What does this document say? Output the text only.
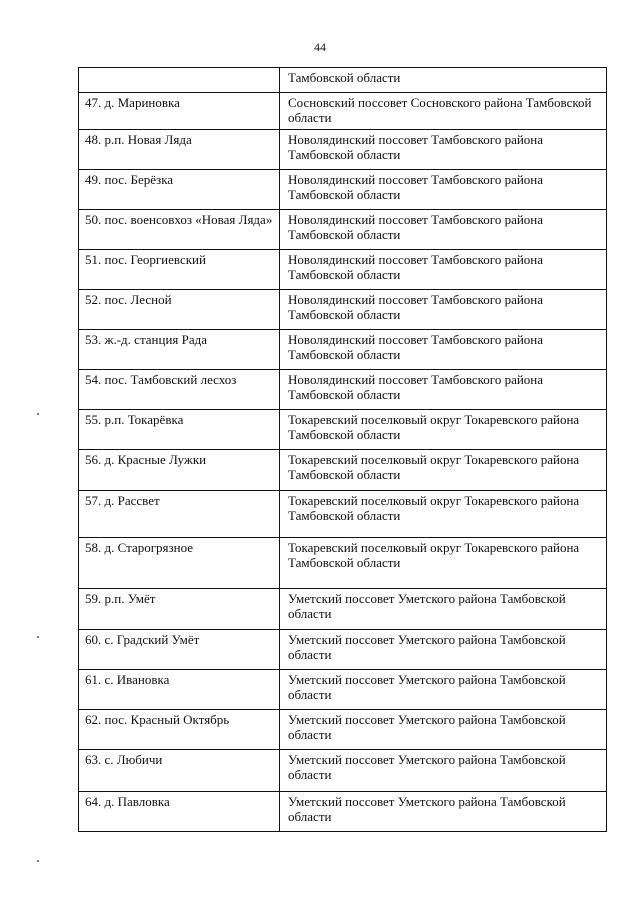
44
	Тамбовской области
47. д. Мариновка	Сосновский поссовет Сосновского района Тамбовской области
48. р.п. Новая Ляда	Новолядинский поссовет Тамбовского района Тамбовской области
49. пос. Берёзка	Новолядинский поссовет Тамбовского района Тамбовской области
50. пос. военсовхоз «Новая Ляда»	Новолядинский поссовет Тамбовского района Тамбовской области
51. пос. Георгиевский	Новолядинский поссовет Тамбовского района Тамбовской области
52. пос. Лесной	Новолядинский поссовет Тамбовского района Тамбовской области
53. ж.-д. станция Рада	Новолядинский поссовет Тамбовского района Тамбовской области
54. пос. Тамбовский лесхоз	Новолядинский поссовет Тамбовского района Тамбовской области
55. р.п. Токарёвка	Токаревский поселковый округ Токаревского района Тамбовской области
56. д. Красные Лужки	Токаревский поселковый округ Токаревского района Тамбовской области
57. д. Рассвет	Токаревский поселковый округ Токаревского района Тамбовской области
58. д. Старогрязное	Токаревский поселковый округ Токаревского района Тамбовской области
59. р.п. Умёт	Уметский поссовет Уметского района Тамбовской области
60. с. Градский Умёт	Уметский поссовет Уметского района Тамбовской области
61. с. Ивановка	Уметский поссовет Уметского района Тамбовской области
62. пос. Красный Октябрь	Уметский поссовет Уметского района Тамбовской области
63. с. Любичи	Уметский поссовет Уметского района Тамбовской области
64. д. Павловка	Уметский поссовет Уметского района Тамбовской области
